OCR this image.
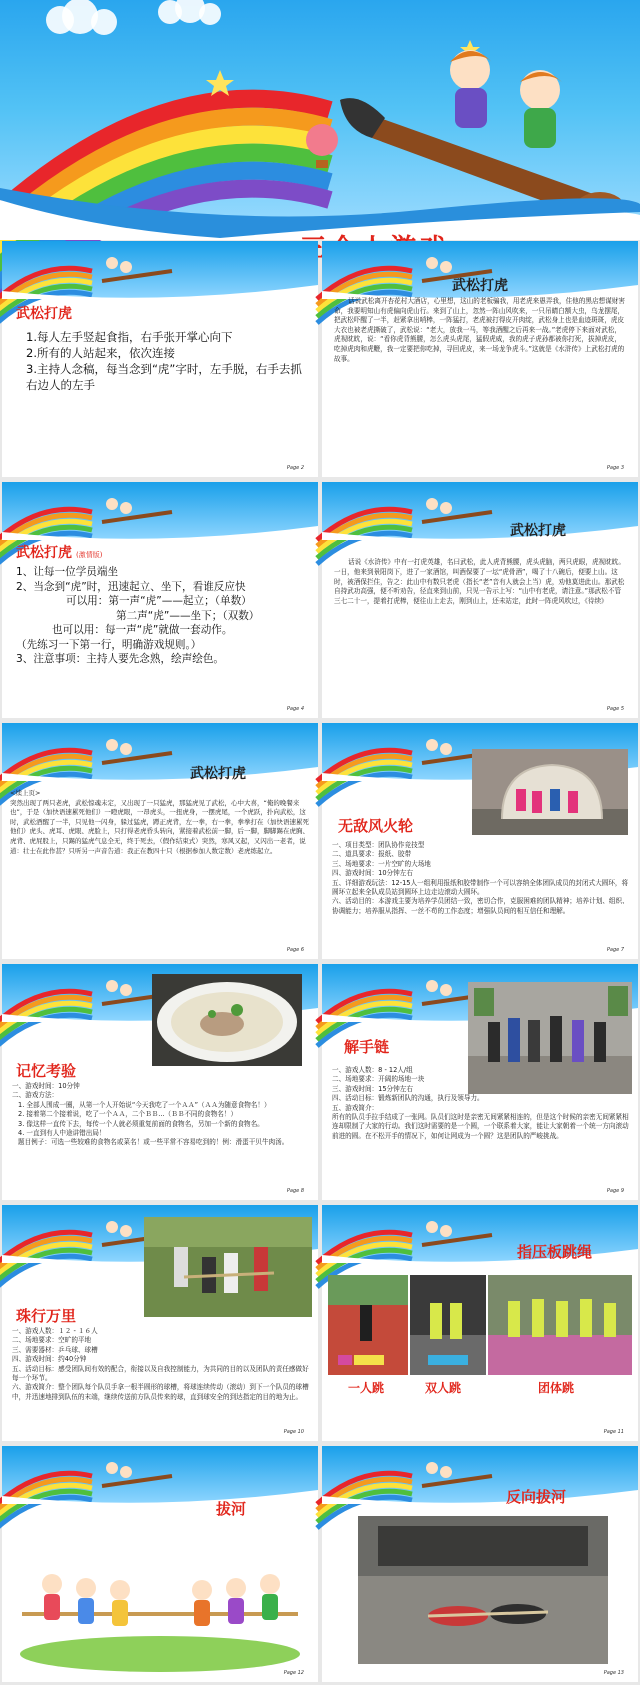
武松打虎

1.每人左手竖起食指，右手张开掌心向下

2.所有的人站起来，依次连接

3.主持人念稿，每当念到“虎”字时，左手脱，右手去抓右边人的左手

Page 2
武松打虎
话说武松离开杏花村大酒店，心里想，这山的老板骗我，用老虎来愚弄我，住他的黑店想谋财害命，我要明知山有虎偏向虎山行。来到了山上，忽然一阵山风吹来，一只吊睛白额大虫，乌龙摆尾，把武松吓醒了一半，赶紧拿出哨棒，一阵猛打，老虎被打得皮开肉绽，武松身上也是血迹斑斑，虎皮大衣也被老虎撕破了，武松说：“老大，放我一马，等我酒醒之后再来一战。”老虎停下来面对武松，虎视眈眈，说：“看你虎背熊腰，怎么虎头虎尾，猛假虎威，我的虎子虎孙都被你打死，拔掉虎皮，吃掉虎肉和虎鞭，我一定要把你吃掉，寻回虎皮，来一场龙争虎斗。”这就是《水浒传》上武松打虎的故事。
Page 3
武松打虎 (激情版)

1、让每一位学员端坐

2、当念到“虎”时，迅速起立、坐下，看谁反应快

可以用：第一声“虎”——起立；（单数）

第二声“虎”——坐下；（双数）

也可以用：每一声“虎”就做一套动作。

（先练习一下第一行，明确游戏规则。）

3、注意事项：主持人要先念熟，绘声绘色。

Page 4
武松打虎
话说《水浒传》中有一打虎英雄，名曰武松，此人虎背熊腰，虎头虎脑，两只虎眼，虎视眈眈。一日，他来到景阳岗下，进了一家酒馆，叫酒保要了一坛“虎骨酒”，喝了十八碗后，便要上山。这时，被酒保拦住，告之：此山中有数只老虎（指长“老”音有人就会上当）虎，劝他莫进此山。那武松自持武功高强，便不听劝告，径直来到山前，只见一告示上写：“山中有老虎，请注意。”那武松不管三七二十一，提着打虎棒，便往山上走去，刚到山上，还未站定，此时一阵虎风吹过，《待续》
Page 5
武松打虎
<续上页>
突然出现了两只老虎，武松惊魂未定，又出现了一只猛虎，那猛虎见了武松，心中大喜，“俺的晚餐来也”，于是（加快语速累死他们）一瞪虎眼，一昂虎头，一扭虎身，一摆虎尾，一个虎跃，扑向武松，这时，武松酒醒了一半，只见他一闪身，躲过猛虎，蹲正虎背，左一拳，右一拳，拳拳打在（加快语速累死他们）虎头、虎耳、虎眼、虎脸上，只打得老虎昏头转向，紧接着武松前一脚，后一脚，脚脚踢在虎胸、虎背、虎屁股上，只踢的猛虎气息全无，终于死去，（假作结束式）突然，寒风又起，又闪出一老者，说道：壮士在此作甚？只听另一声音告道：我正在教四十只（根据参加人数定数）老虎练起立。
Page 6
无敌风火轮

一、项目类型：团队协作竞技型

二、道具要求：报纸、胶带

三、场地要求：一片空旷的大场地

四、游戏时间：10分钟左右

五、详细游戏玩法：12-15人一组利用报纸和胶带制作一个可以容纳全体团队成员的封闭式大圆环，将圆环立起来全队成员站到圆环上边走边滚动大圆环。

六、活动目的：本游戏主要为培养学员团结一致，密切合作，克服困难的团队精神；培养计划、组织、协调能力；培养服从指挥、一丝不苟的工作态度；增强队员间的相互信任和理解。

Page 7
记忆考验

一、游戏时间：10分钟

二、游戏方法：

1. 全部人围成一圈，从第一个人开始说“今天我吃了一个ＡＡ”（ＡＡ为随意食物名！）

2. 接着第二个接着说，吃了一个ＡＡ，二个ＢＢ...（ＢＢ不同的食物名！）

3. 像这样一直传下去，每传一个人就必须重复前面的食物名，另加一个新的食物名。

4. 一直到有人中途讲错出局！

题目例子：可选一些较难的食物名或菜名！或一些平常不容易吃到的！例：滑蛋干贝牛肉汤。

Page 8
解手链

一、游戏人数：8 - 12人/组

二、场地要求：开阔的场地一块

三、游戏时间：15分钟左右

四、活动目标：锻炼新团队的沟通，执行及领导力。

五、游戏简介：

所有的队员手拉手结成了一张网。队员们这时是亲密无间紧紧相连的，但是这个时候的亲密无间紧紧相连却限制了大家的行动。我们这时需要的是一个圆，一个联系着大家，能让大家朝着一个统一方向滚动前进的圆。在不松开手的情况下，如何让网成为一个圆？这是团队的严峻挑战。

Page 9
珠行万里

一、游戏人数：１２ - １６人

二、场地要求：空旷的平地

三、需要器材：乒乓球、球槽

四、游戏时间：约40分钟

五、活动目标：感受团队间有效的配合，衔接以及自我控制能力，为共同的目的以及团队的责任感做好每一个环节。

六、游戏简介：整个团队每个队员手拿一根半圆形的球槽，将球连续传动（滚动）到下一个队员的球槽中，并迅速地排到队伍的末端，继续传送前方队员传来的球，直到球安全的到达指定的目的地为止。

Page 10
指压板跳绳
一人跳	双人跳	团体跳
Page 11
拔河
Page 12
反向拔河
Page 13
